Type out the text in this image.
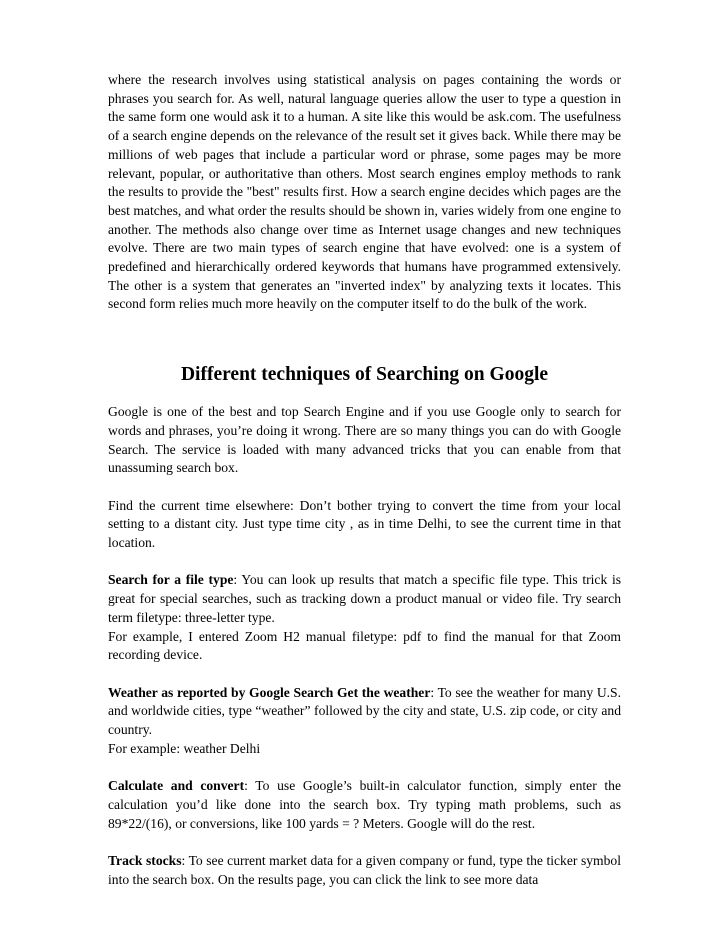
where the research involves using statistical analysis on pages containing the words or phrases you search for. As well, natural language queries allow the user to type a question in the same form one would ask it to a human. A site like this would be ask.com. The usefulness of a search engine depends on the relevance of the result set it gives back. While there may be millions of web pages that include a particular word or phrase, some pages may be more relevant, popular, or authoritative than others. Most search engines employ methods to rank the results to provide the "best" results first. How a search engine decides which pages are the best matches, and what order the results should be shown in, varies widely from one engine to another. The methods also change over time as Internet usage changes and new techniques evolve. There are two main types of search engine that have evolved: one is a system of predefined and hierarchically ordered keywords that humans have programmed extensively. The other is a system that generates an "inverted index" by analyzing texts it locates. This second form relies much more heavily on the computer itself to do the bulk of the work.

Different techniques of Searching on Google

Google is one of the best and top Search Engine and if you use Google only to search for words and phrases, you’re doing it wrong. There are so many things you can do with Google Search. The service is loaded with many advanced tricks that you can enable from that unassuming search box.

Find the current time elsewhere: Don’t bother trying to convert the time from your local setting to a distant city. Just type time city , as in time Delhi, to see the current time in that location.

Search for a file type: You can look up results that match a specific file type. This trick is great for special searches, such as tracking down a product manual or video file. Try search term filetype: three-letter type.

For example, I entered Zoom H2 manual filetype: pdf to find the manual for that Zoom recording device.

Weather as reported by Google Search Get the weather: To see the weather for many U.S. and worldwide cities, type “weather” followed by the city and state, U.S. zip code, or city and country.

For example: weather Delhi

Calculate and convert: To use Google’s built-in calculator function, simply enter the calculation you’d like done into the search box. Try typing math problems, such as 89*22/(16), or conversions, like 100 yards = ? Meters. Google will do the rest.

Track stocks: To see current market data for a given company or fund, type the ticker symbol into the search box. On the results page, you can click the link to see more data
